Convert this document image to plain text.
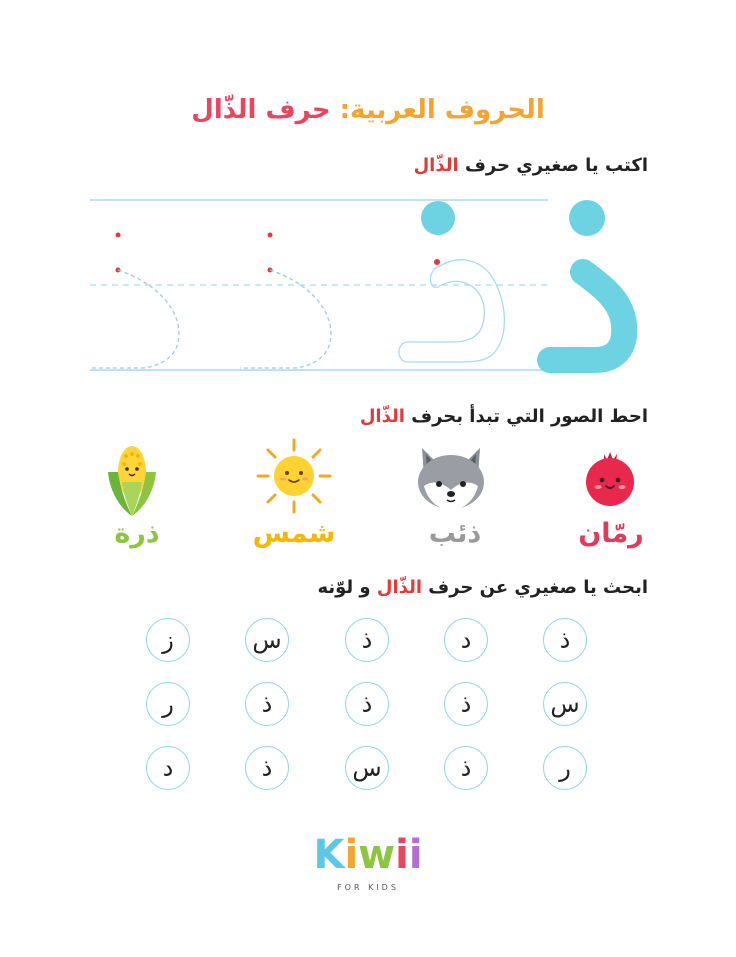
الحروف العربية: حرف الذّال
اكتب يا صغيري حرف الذّال
احط الصور التي تبدأ بحرف الذّال
رمّان
ذئب
شمس
ذرة
ابحث يا صغيري عن حرف الذّال و لوّنه
ذ
د
ذ
س
ز
س
ذ
ذ
ذ
ر
ر
ذ
س
ذ
د
Kiwii
FOR KIDS
